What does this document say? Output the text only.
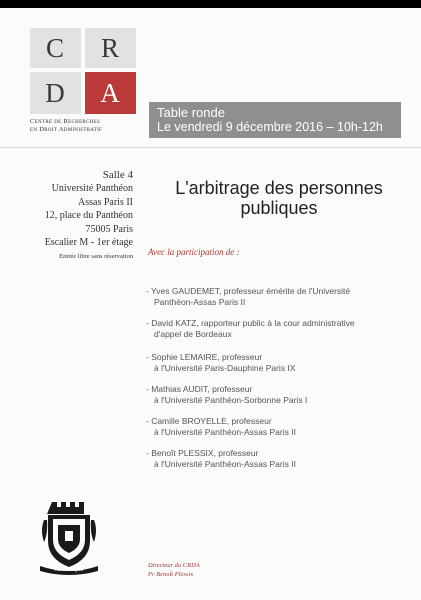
C	R
D	A
Centre de Recherches
en Droit Administratif
Table ronde
Le vendredi 9 décembre 2016 – 10h-12h
Salle 4
Université Panthéon
Assas Paris II
12, place du Panthéon
75005 Paris
Escalier M - 1er étage
Entrée libre sans réservation
L'arbitrage des personnes
publiques
Avec la participation de :
- Yves GAUDEMET, professeur émérite de l'Université
Panthéon-Assas Paris II
- David KATZ, rapporteur public à la cour administrative
d'appel de Bordeaux
- Sophie LEMAIRE, professeur
à l'Université Paris-Dauphine Paris IX
- Mathias AUDIT, professeur
à l'Université Panthéon-Sorbonne Paris I
- Camille BROYELLE, professeur
à l'Université Panthéon-Assas Paris II
- Benoît PLESSIX, professeur
à l'Université Panthéon-Assas Paris II
Juvat Cujas
Directeur du CRDA
Pr Benoît Plessix
